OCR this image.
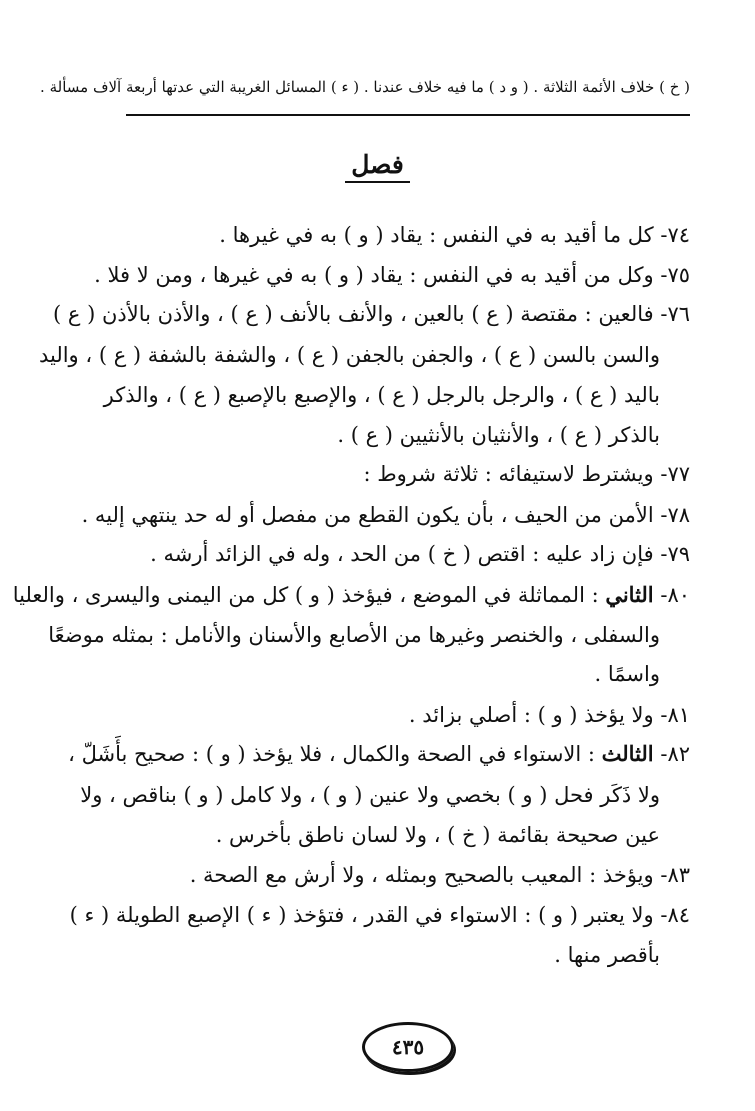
( خ ) خلاف الأئمة الثلاثة . ( و د ) ما فيه خلاف عندنا . ( ء ) المسائل الغريبة التي عدتها أربعة آلاف مسألة .
فصل
٧٤- كل ما أقيد به في النفس : يقاد ( و ) به في غيرها .
٧٥- وكل من أقيد به في النفس : يقاد ( و ) به في غيرها ، ومن لا فلا .
٧٦- فالعين : مقتصة ( ع ) بالعين ، والأنف بالأنف ( ع ) ، والأذن بالأذن ( ع )
والسن بالسن ( ع ) ، والجفن بالجفن ( ع ) ، والشفة بالشفة ( ع ) ، واليد
باليد ( ع ) ، والرجل بالرجل ( ع ) ، والإصبع بالإصبع ( ع ) ، والذكر
بالذكر ( ع ) ، والأنثيان بالأنثيين ( ع ) .
٧٧- ويشترط لاستيفائه : ثلاثة شروط :
٧٨- الأمن من الحيف ، بأن يكون القطع من مفصل أو له حد ينتهي إليه .
٧٩- فإن زاد عليه : اقتص ( خ ) من الحد ، وله في الزائد أرشه .
٨٠- الثاني : المماثلة في الموضع ، فيؤخذ ( و ) كل من اليمنى واليسرى ، والعليا
والسفلى ، والخنصر وغيرها من الأصابع والأسنان والأنامل : بمثله موضعًا
واسمًا .
٨١- ولا يؤخذ ( و ) : أصلي بزائد .
٨٢- الثالث : الاستواء في الصحة والكمال ، فلا يؤخذ ( و ) : صحيح بأَشَلّ ،
ولا ذَكَر فحل ( و ) بخصي ولا عنين ( و ) ، ولا كامل ( و ) بناقص ، ولا
عين صحيحة بقائمة ( خ ) ، ولا لسان ناطق بأخرس .
٨٣- ويؤخذ : المعيب بالصحيح وبمثله ، ولا أرش مع الصحة .
٨٤- ولا يعتبر ( و ) : الاستواء في القدر ، فتؤخذ ( ء ) الإصبع الطويلة ( ء )
بأقصر منها .
٤٣٥
